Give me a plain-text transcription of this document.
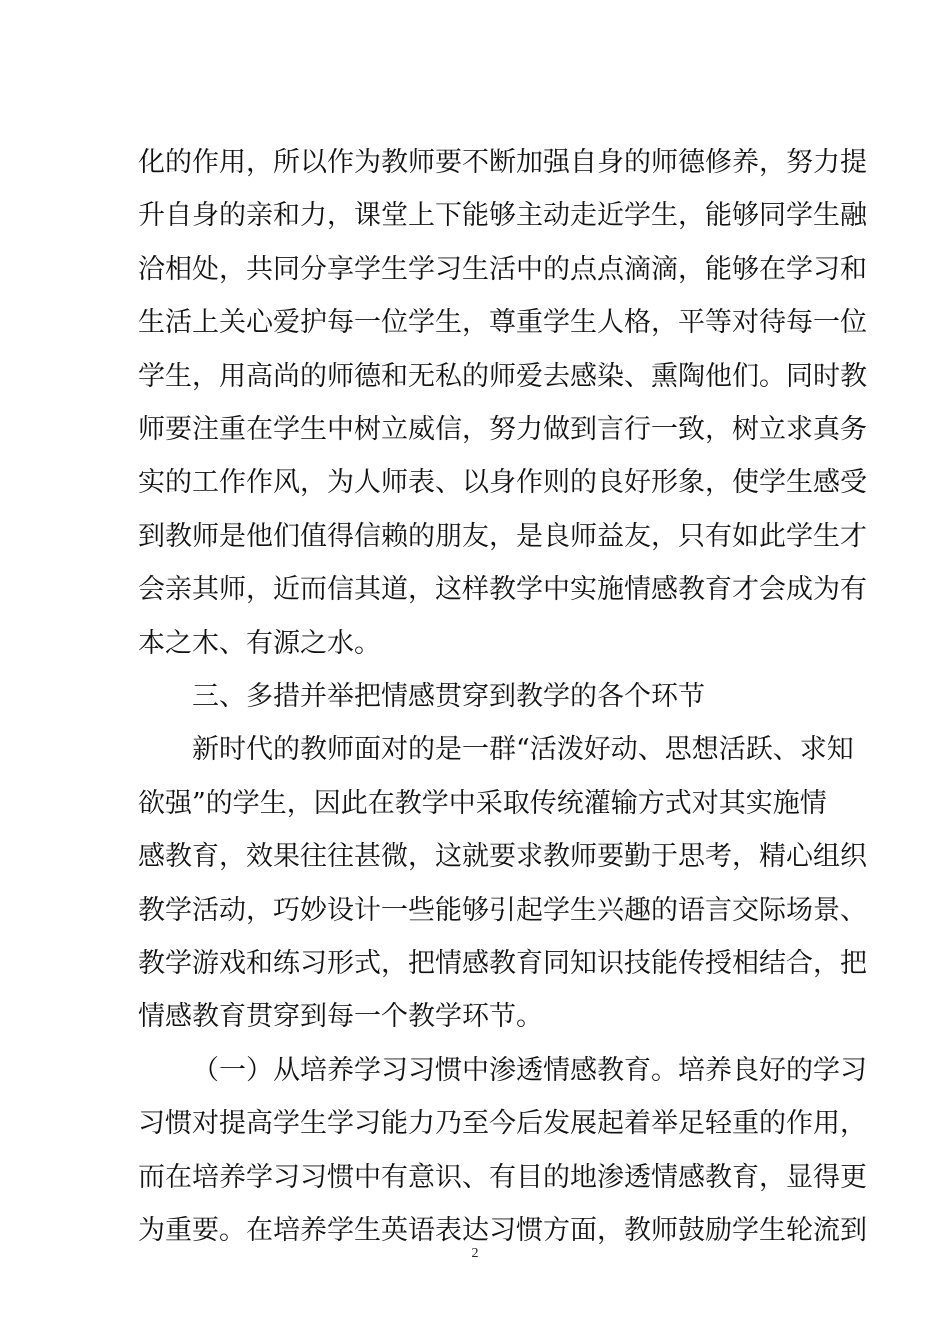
化的作用，所以作为教师要不断加强自身的师德修养，努力提
升自身的亲和力，课堂上下能够主动走近学生，能够同学生融
洽相处，共同分享学生学习生活中的点点滴滴，能够在学习和
生活上关心爱护每一位学生，尊重学生人格，平等对待每一位
学生，用高尚的师德和无私的师爱去感染、熏陶他们。同时教
师要注重在学生中树立威信，努力做到言行一致，树立求真务
实的工作作风，为人师表、以身作则的良好形象，使学生感受
到教师是他们值得信赖的朋友，是良师益友，只有如此学生才
会亲其师，近而信其道，这样教学中实施情感教育才会成为有
本之木、有源之水。
三、多措并举把情感贯穿到教学的各个环节
新时代的教师面对的是一群“活泼好动、思想活跃、求知
欲强”的学生，因此在教学中采取传统灌输方式对其实施情
感教育，效果往往甚微，这就要求教师要勤于思考，精心组织
教学活动，巧妙设计一些能够引起学生兴趣的语言交际场景、
教学游戏和练习形式，把情感教育同知识技能传授相结合，把
情感教育贯穿到每一个教学环节。
（一）从培养学习习惯中渗透情感教育。培养良好的学习
习惯对提高学生学习能力乃至今后发展起着举足轻重的作用，
而在培养学习习惯中有意识、有目的地渗透情感教育，显得更
为重要。在培养学生英语表达习惯方面，教师鼓励学生轮流到
2
